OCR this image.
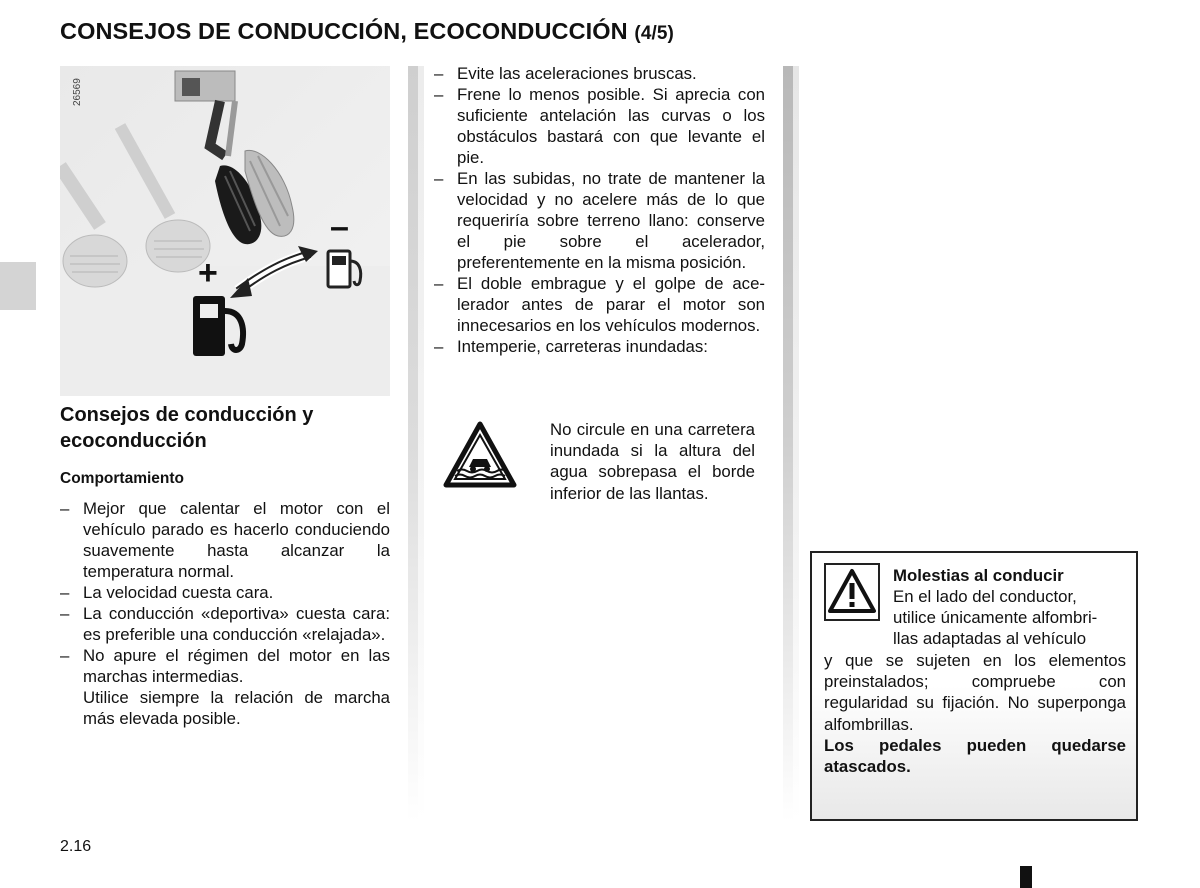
CONSEJOS DE CONDUCCIÓN, ECOCONDUCCIÓN (4/5)
+
–
26569
Consejos de conducción y ecoconducción
Comportamiento
– Mejor que calentar el motor con el vehículo parado es hacerlo conduciendo suavemente hasta alcanzar la temperatura normal.
– La velocidad cuesta cara.
– La conducción «deportiva» cuesta cara: es preferible una conducción «relajada».
– No apure el régimen del motor en las marchas intermedias.
Utilice siempre la relación de marcha más elevada posible.
– Evite las aceleraciones bruscas.
– Frene lo menos posible. Si aprecia con suficiente antelación las curvas o los obstáculos bastará con que levante el pie.
– En las subidas, no trate de mantener la velocidad y no acelere más de lo que requeriría sobre terreno llano: conserve el pie sobre el acelerador, preferentemente en la misma posición.
– El doble embrague y el golpe de acelerador antes de parar el motor son innecesarios en los vehículos modernos.
– Intemperie, carreteras inundadas:
No circule en una carretera inundada si la altura del agua sobrepasa el borde inferior de las llantas.
Molestias al conducir
En el lado del conductor,
utilice únicamente alfombri-
llas adaptadas al vehículo
y que se sujeten en los elementos preinstalados; compruebe con regularidad su fijación. No superponga alfombrillas.
Los pedales pueden quedarse atascados.
2.16
